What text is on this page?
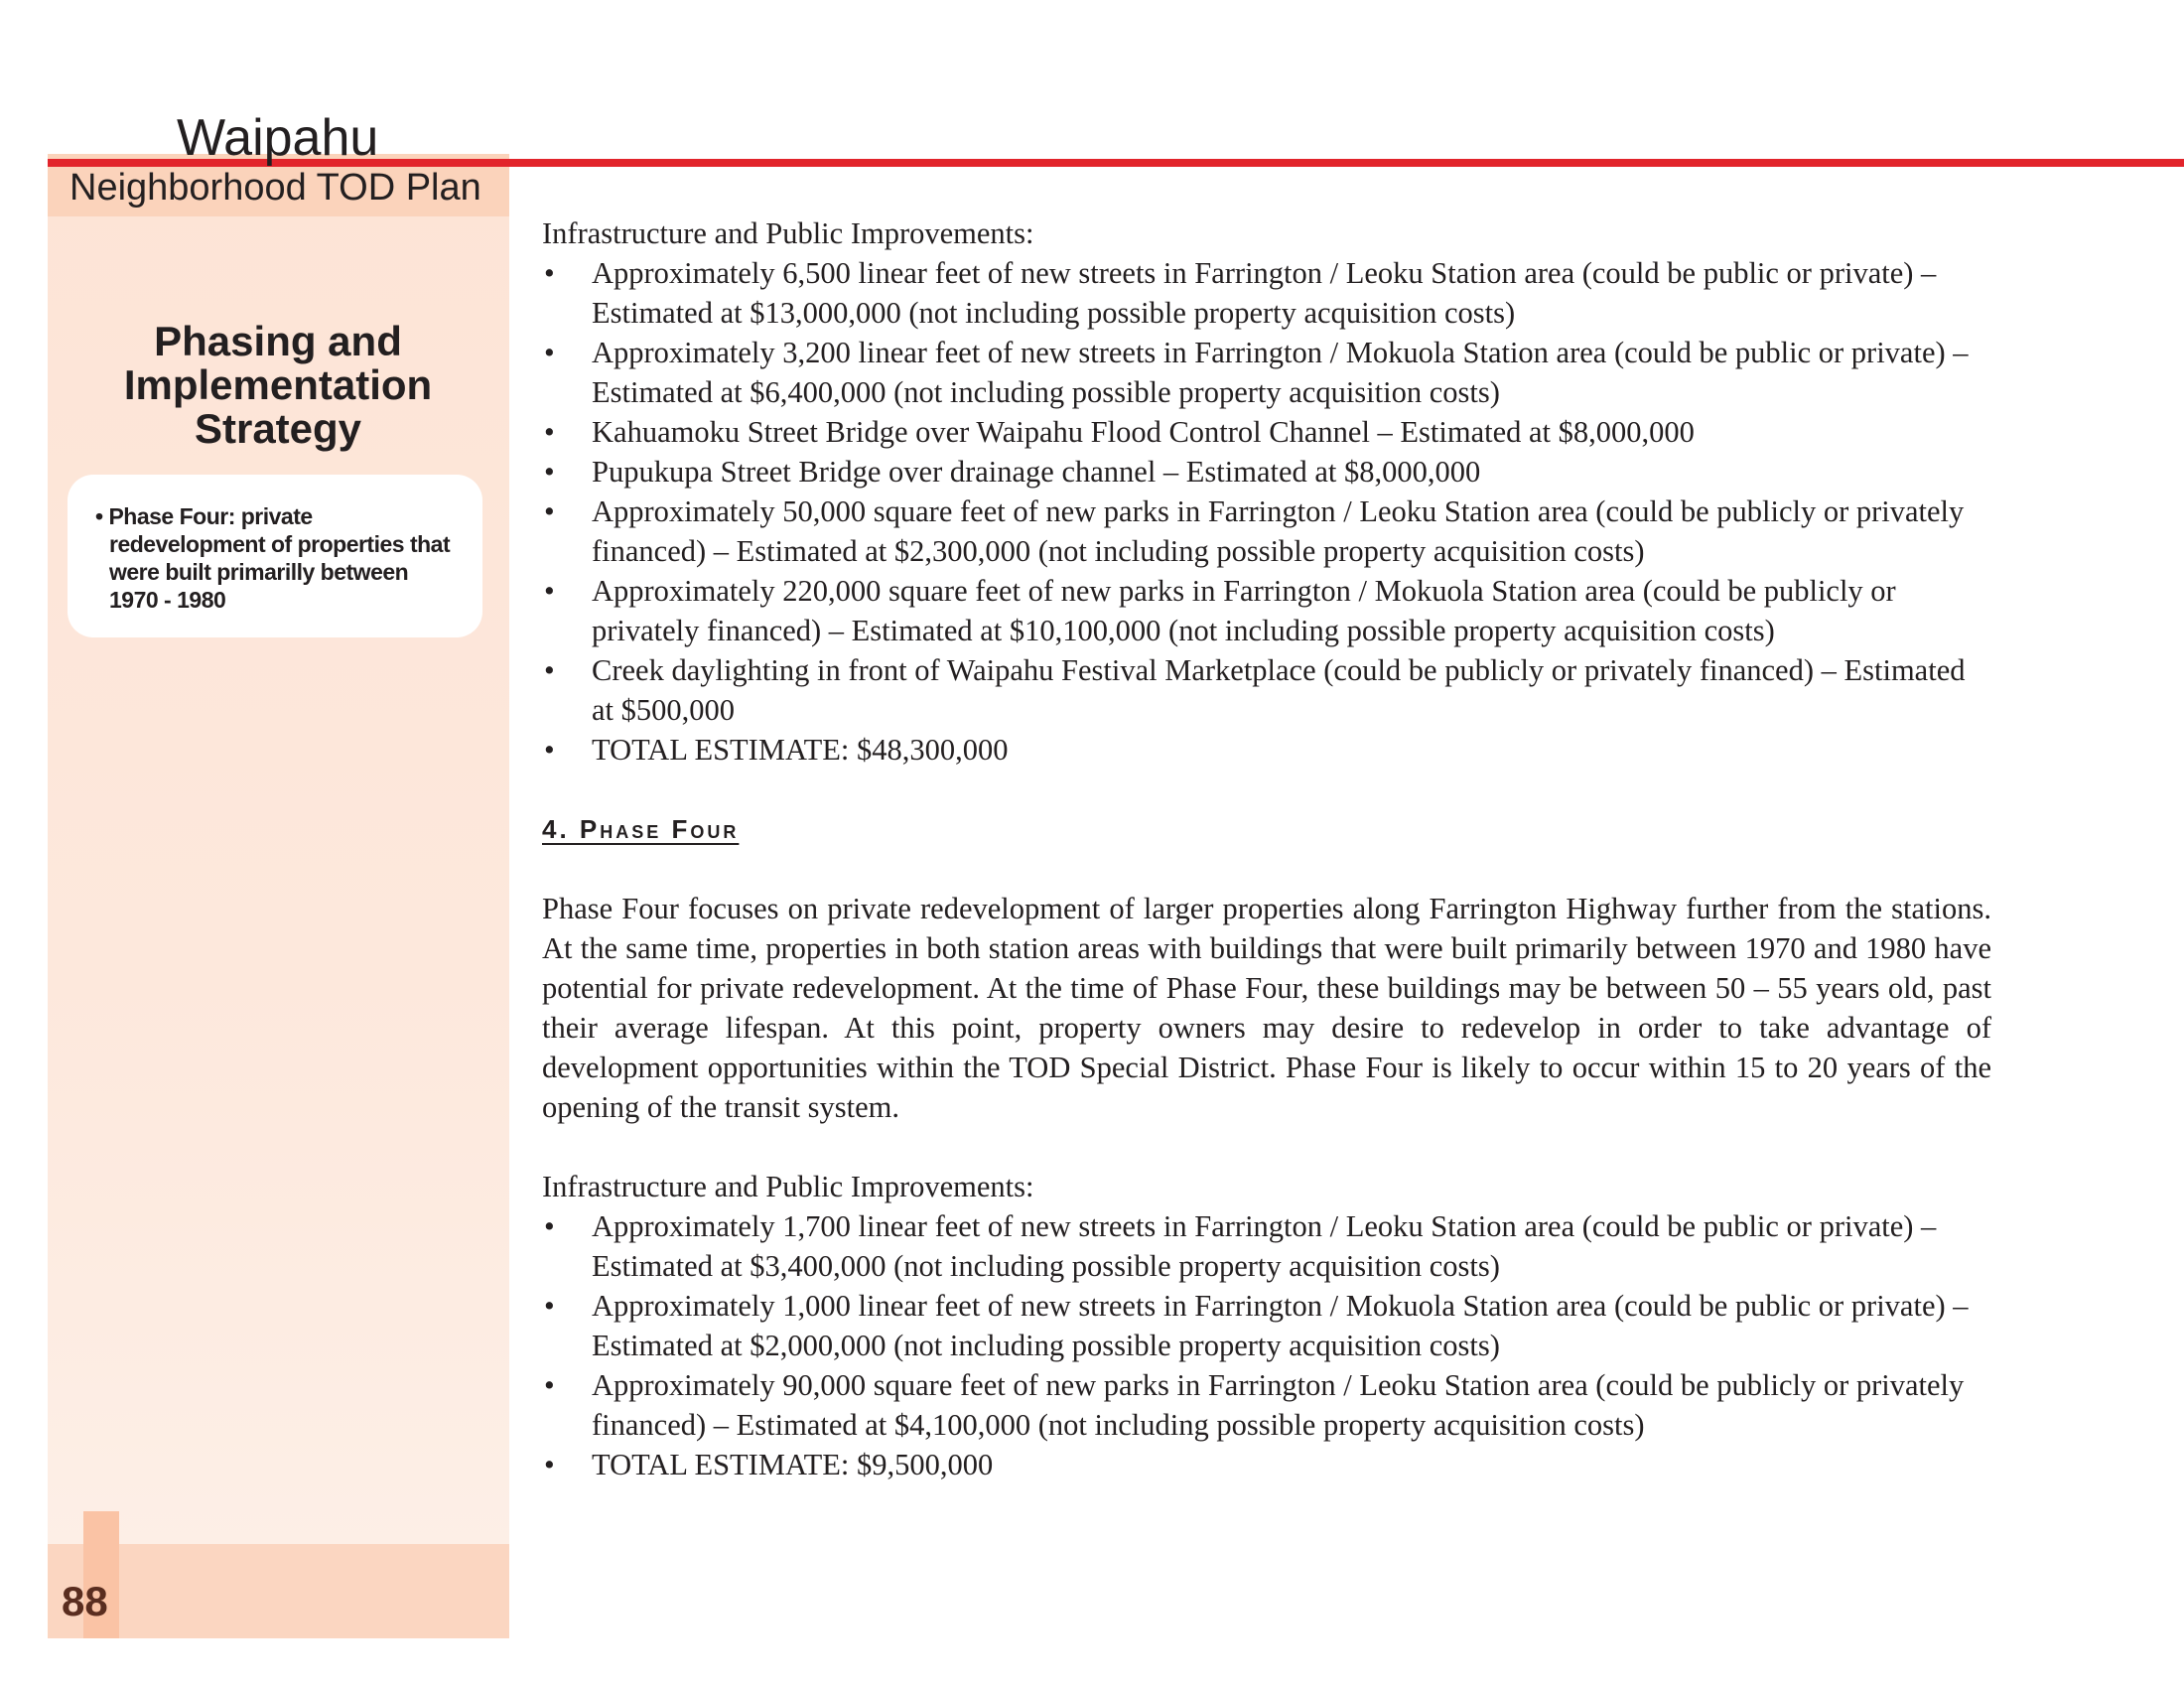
Waipahu
Neighborhood TOD Plan
Phasing and Implementation Strategy

• Phase Four: private redevelopment of properties that were built primarilly between 1970 - 1980

88

Infrastructure and Public Improvements:

• Approximately 6,500 linear feet of new streets in Farrington / Leoku Station area (could be public or private) – Estimated at $13,000,000 (not including possible property acquisition costs)
• Approximately 3,200 linear feet of new streets in Farrington / Mokuola Station area (could be public or private) – Estimated at $6,400,000 (not including possible property acquisition costs)
• Kahuamoku Street Bridge over Waipahu Flood Control Channel – Estimated at $8,000,000
• Pupukupa Street Bridge over drainage channel – Estimated at $8,000,000
• Approximately 50,000 square feet of new parks in Farrington / Leoku Station area (could be publicly or privately financed) – Estimated at $2,300,000 (not including possible property acquisition costs)
• Approximately 220,000 square feet of new parks in Farrington / Mokuola Station area (could be publicly or privately financed) – Estimated at $10,100,000 (not including possible property acquisition costs)
• Creek daylighting in front of Waipahu Festival Marketplace (could be publicly or privately financed) – Estimated at $500,000
• TOTAL ESTIMATE: $48,300,000
4. Phase Four

Phase Four focuses on private redevelopment of larger properties along Farrington Highway further from the stations. At the same time, properties in both station areas with buildings that were built primarily between 1970 and 1980 have potential for private redevelopment. At the time of Phase Four, these buildings may be between 50 – 55 years old, past their average lifespan. At this point, property owners may desire to redevelop in order to take advantage of development opportunities within the TOD Special District. Phase Four is likely to occur within 15 to 20 years of the opening of the transit system.

Infrastructure and Public Improvements:

• Approximately 1,700 linear feet of new streets in Farrington / Leoku Station area (could be public or private) – Estimated at $3,400,000 (not including possible property acquisition costs)
• Approximately 1,000 linear feet of new streets in Farrington / Mokuola Station area (could be public or private) – Estimated at $2,000,000 (not including possible property acquisition costs)
• Approximately 90,000 square feet of new parks in Farrington / Leoku Station area (could be publicly or privately financed) – Estimated at $4,100,000 (not including possible property acquisition costs)
• TOTAL ESTIMATE: $9,500,000
